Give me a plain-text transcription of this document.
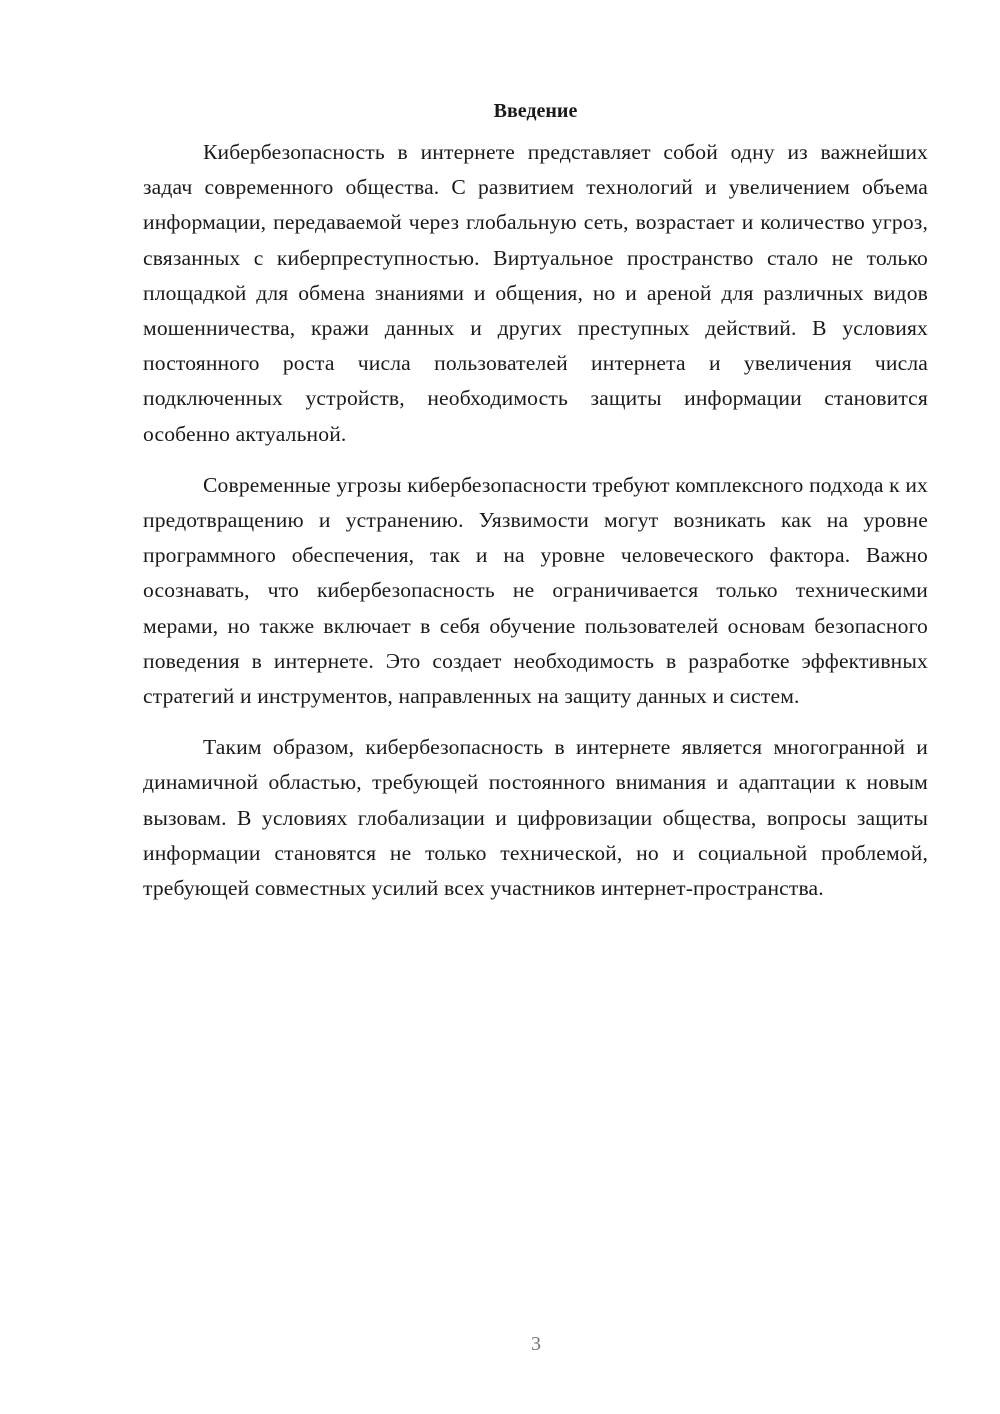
Введение

Кибербезопасность в интернете представляет собой одну из важнейших задач современного общества. С развитием технологий и увеличением объема информации, передаваемой через глобальную сеть, возрастает и количество угроз, связанных с киберпреступностью. Виртуальное пространство стало не только площадкой для обмена знаниями и общения, но и ареной для различных видов мошенничества, кражи данных и других преступных действий. В условиях постоянного роста числа пользователей интернета и увеличения числа подключенных устройств, необходимость защиты информации становится особенно актуальной.

Современные угрозы кибербезопасности требуют комплексного подхода к их предотвращению и устранению. Уязвимости могут возникать как на уровне программного обеспечения, так и на уровне человеческого фактора. Важно осознавать, что кибербезопасность не ограничивается только техническими мерами, но также включает в себя обучение пользователей основам безопасного поведения в интернете. Это создает необходимость в разработке эффективных стратегий и инструментов, направленных на защиту данных и систем.

Таким образом, кибербезопасность в интернете является многогранной и динамичной областью, требующей постоянного внимания и адаптации к новым вызовам. В условиях глобализации и цифровизации общества, вопросы защиты информации становятся не только технической, но и социальной проблемой, требующей совместных усилий всех участников интернет-пространства.

3
